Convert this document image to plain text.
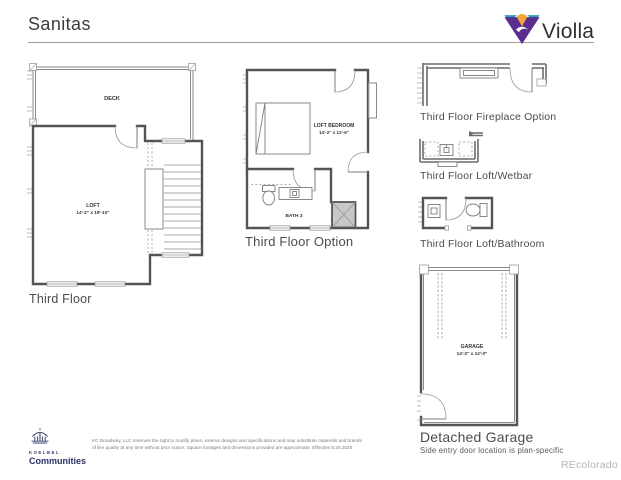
Sanitas	Violla
DECK
LOFT
14'-2" x 19'-10"
Third Floor
LOFT BEDROOM
14'-2" x 12'-6"
BATH 3
Third Floor Option
Third Floor Fireplace Option
Third Floor Loft/Wetbar
Third Floor Loft/Bathroom
GARAGE
14'-2" x 12'-0"
Detached Garage
Side entry door location is plan-specific
KOELBEL
Communities
KC Broadway, LLC reserves the right to modify plans, exterior designs and specifications and may substitute materials and brands
of like quality at any time without prior notice. Square footages and dimensions provided are approximate. Effective 8.20.2025
REcolorado
